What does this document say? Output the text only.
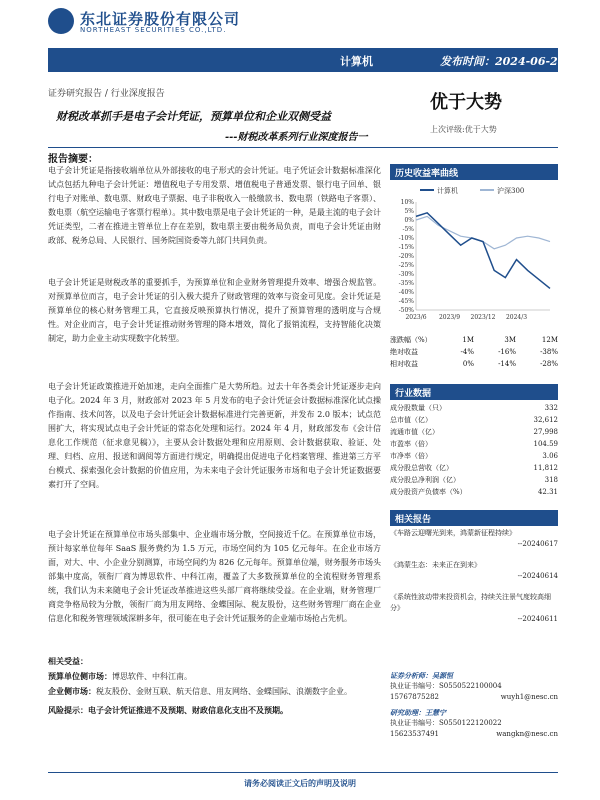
东北证券股份有限公司
NORTHEAST SECURITIES CO.,LTD.
计算机	发布时间：2024-06-20
证券研究报告 / 行业深度报告	优于大势
上次评级:优于大势
财税改革抓手是电子会计凭证，预算单位和企业双侧受益
---财税改革系列行业深度报告一
报告摘要：
电子会计凭证是指接收端单位从外部接收的电子形式的会计凭证。电子凭证会计数据标准深化试点包括九种电子会计凭证：增值税电子专用发票、增值税电子普通发票、银行电子回单、银行电子对账单、数电票、财政电子票据、电子非税收入一般缴款书、数电票（铁路电子客票）、数电票（航空运输电子客票行程单）。其中数电票是电子会计凭证的一种，是最主流的电子会计凭证类型，二者在推进主管单位上存在差别，数电票主要由税务局负责，而电子会计凭证由财政部、税务总局、人民银行、国务院国资委等九部门共同负责。
电子会计凭证是财税改革的重要抓手，为预算单位和企业财务管理提升效率、增强合规监管。对预算单位而言，电子会计凭证的引入极大提升了财政管理的效率与资金可见度。会计凭证是预算单位的核心财务管理工具，它直接反映预算执行情况，提升了预算管理的透明度与合规性。对企业而言，电子会计凭证推动财务管理的降本增效，简化了报销流程，支持智能化决策制定，助力企业主动实现数字化转型。
电子会计凭证政策推进开始加速，走向全面推广是大势所趋。过去十年各类会计凭证逐步走向电子化。2024 年 3 月，财政部对 2023 年 5 月发布的电子会计凭证会计数据标准深化试点操作指南、技术问答，以及电子会计凭证会计数据标准进行完善更新，并发布 2.0 版本；试点范围扩大，将实现试点电子会计凭证的常态化处理和运行。2024 年 4 月，财政部发布《会计信息化工作规范（征求意见稿）》，主要从会计数据处理和应用原则、会计数据获取、验证、处理、归档、应用、报送和调阅等方面进行规定，明确提出促进电子化档案管理、推进第三方平台模式、探索强化会计数据的价值应用，为未来电子会计凭证服务市场和电子会计凭证数据要素打开了空间。
电子会计凭证在预算单位市场头部集中、企业端市场分散，空间接近千亿。在预算单位市场，预计每家单位每年 SaaS 服务费约为 1.5 万元，市场空间约为 105 亿元每年。在企业市场方面，对大、中、小企业分别测算，市场空间约为 826 亿元每年。预算单位端，财务服务市场头部集中度高，领衔厂商为博思软件、中科江南，覆盖了大多数预算单位的全流程财务管理系统，我们认为未来随电子会计凭证改革推进这些头部厂商将继续受益。在企业端，财务管理厂商竞争格局较为分散，领衔厂商为用友网络、金蝶国际、税友股份，这些财务管理厂商在企业信息化和税务管理领域深耕多年，很可能在电子会计凭证服务的企业端市场抢占先机。
相关受益：
预算单位侧市场：博思软件、中科江南。
企业侧市场：税友股份、金财互联、航天信息、用友网络、金蝶国际、浪潮数字企业。
风险提示：电子会计凭证推进不及预期、财政信息化支出不及预期。
历史收益率曲线
计算机	沪深300
10%
5%
0%
-5%
-10%
-15%
-20%
-25%
-30%
-35%
-40%
-45%
-50%
2023/6 2023/9 2023/12 2024/3
涨跌幅（%）	1M	3M	12M
绝对收益	-4%	-16%	-38%
相对收益	0%	-14%	-28%
行业数据
成分股数量（只）	332
总市值（亿）	32,612
流通市值（亿）	27,998
市盈率（倍）	104.59
市净率（倍）	3.06
成分股总营收（亿）	11,812
成分股总净利润（亿）	318
成分股资产负债率（%）	42.31
相关报告
《车路云迎曙光到来，鸿蒙新征程持续》
--20240617
《鸿蒙生态：未来正在到来》
--20240614
《系统性波动带来投资机会，持续关注景气度较高细分》
--20240611
证券分析师：吴源恒
执业证书编号：S0550522100004
15767875282	wuyh1@nesc.cn
研究助理：王慧宁
执业证书编号：S0550122120022
15623537491	wangkn@nesc.cn
请务必阅读正文后的声明及说明
